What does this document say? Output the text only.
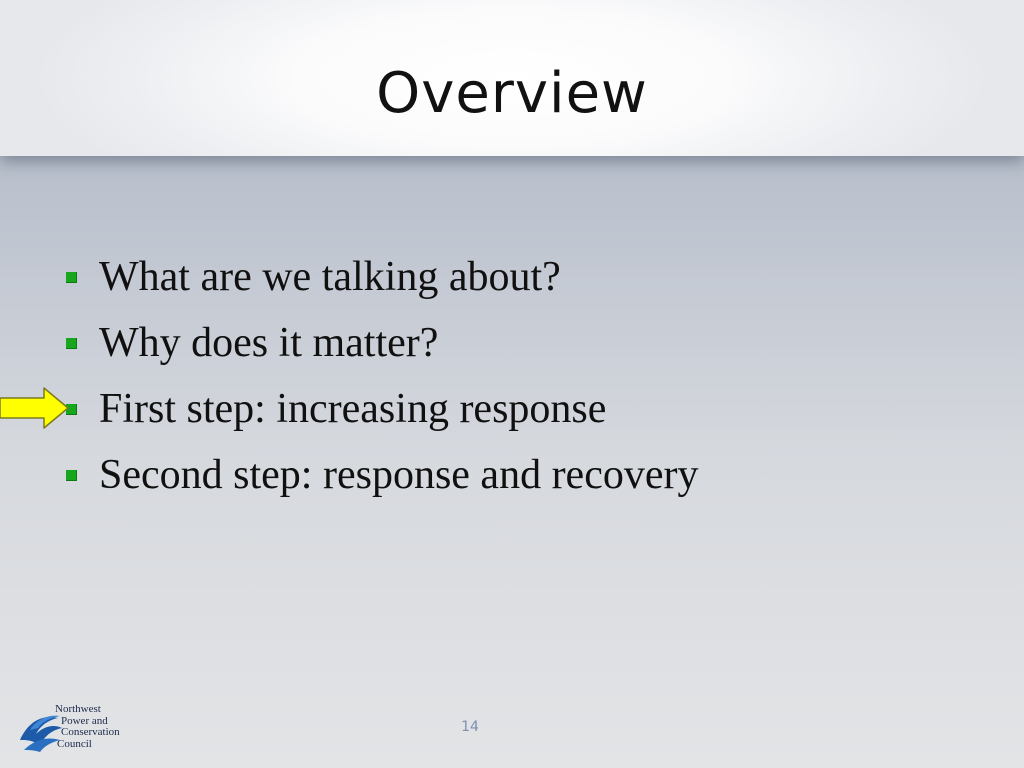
Overview
What are we talking about?
Why does it matter?
First step: increasing response
Second step: response and recovery
14
Northwest
Power and
Conservation
Council
